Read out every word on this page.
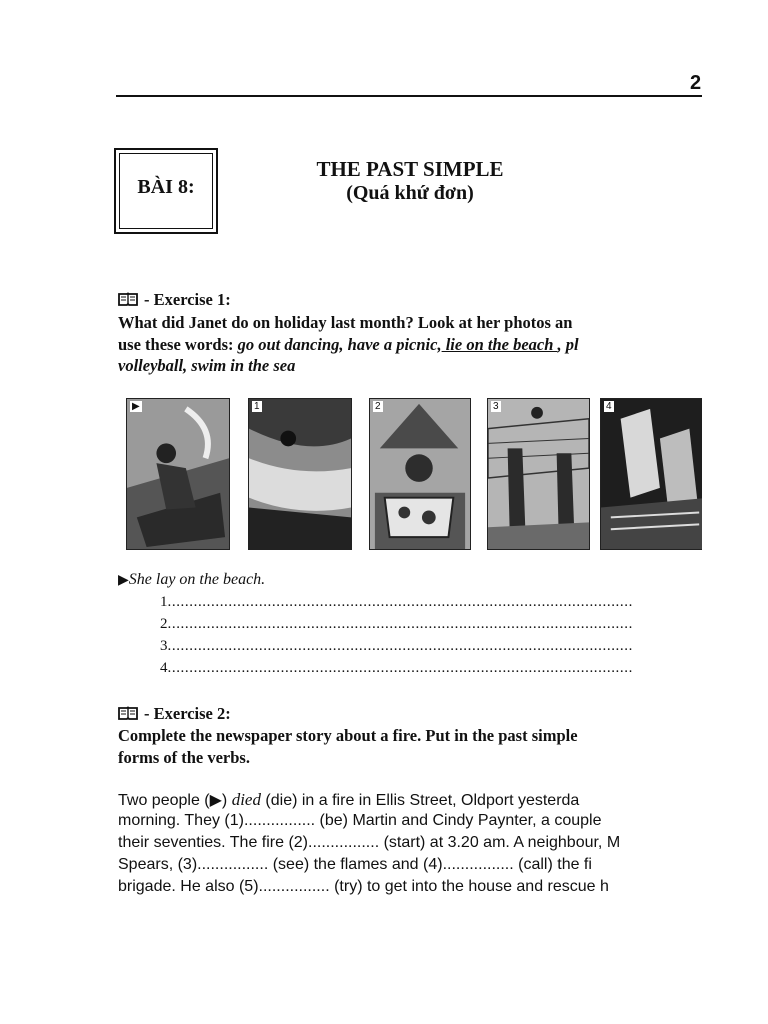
BÀI 8:
THE PAST SIMPLE
(Quá khứ đơn)
- Exercise 1:
What did Janet do on holiday last month? Look at her photos an
use these words: go out dancing, have a picnic, lie on the beach , pl
volleyball, swim in the sea
▶	1	2	3	4
▶She lay on the beach.
1...........................................................................................................
2...........................................................................................................
3...........................................................................................................
4...........................................................................................................
- Exercise 2:
Complete the newspaper story about a fire. Put in the past simple
forms of the verbs.
Two people (▶) died (die) in a fire in Ellis Street, Oldport yesterda
morning. They (1)................ (be) Martin and Cindy Paynter, a couple
their seventies. The fire (2)................ (start) at 3.20 am. A neighbour, M
Spears, (3)................ (see) the flames and (4)................ (call) the fi
brigade. He also (5)................ (try) to get into the house and rescue h
2
